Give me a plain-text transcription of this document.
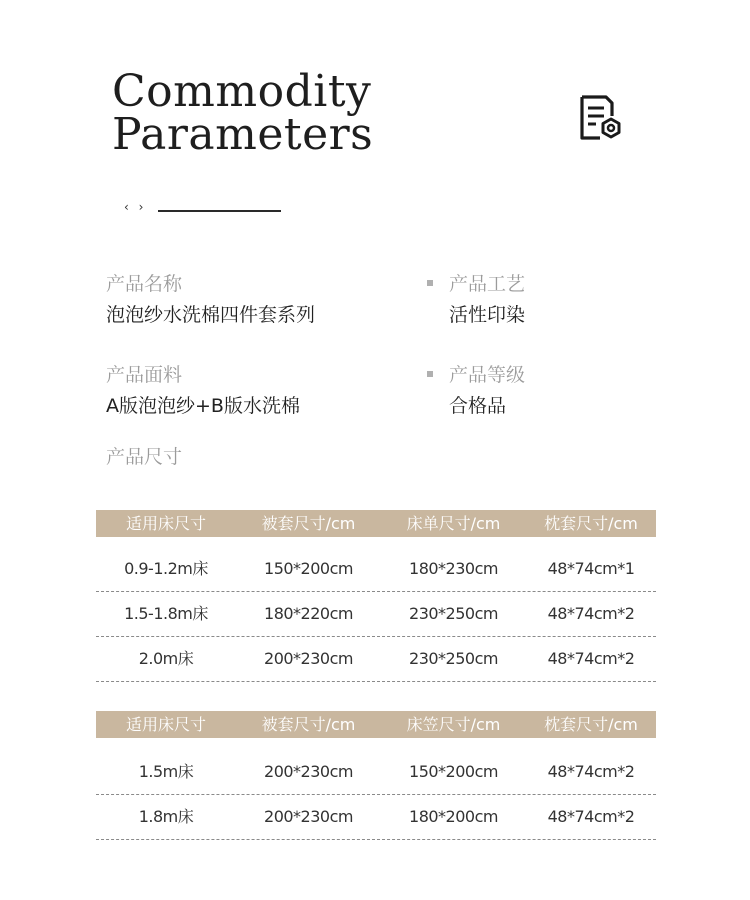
Commodity
Parameters
‹ ›
产品名称
泡泡纱水洗棉四件套系列
产品工艺
活性印染
产品面料
A版泡泡纱+B版水洗棉
产品等级
合格品
产品尺寸
适用床尺寸	被套尺寸/cm	床单尺寸/cm	枕套尺寸/cm
0.9-1.2m床	150*200cm	180*230cm	48*74cm*1
1.5-1.8m床	180*220cm	230*250cm	48*74cm*2
2.0m床	200*230cm	230*250cm	48*74cm*2
适用床尺寸	被套尺寸/cm	床笠尺寸/cm	枕套尺寸/cm
1.5m床	200*230cm	150*200cm	48*74cm*2
1.8m床	200*230cm	180*200cm	48*74cm*2
